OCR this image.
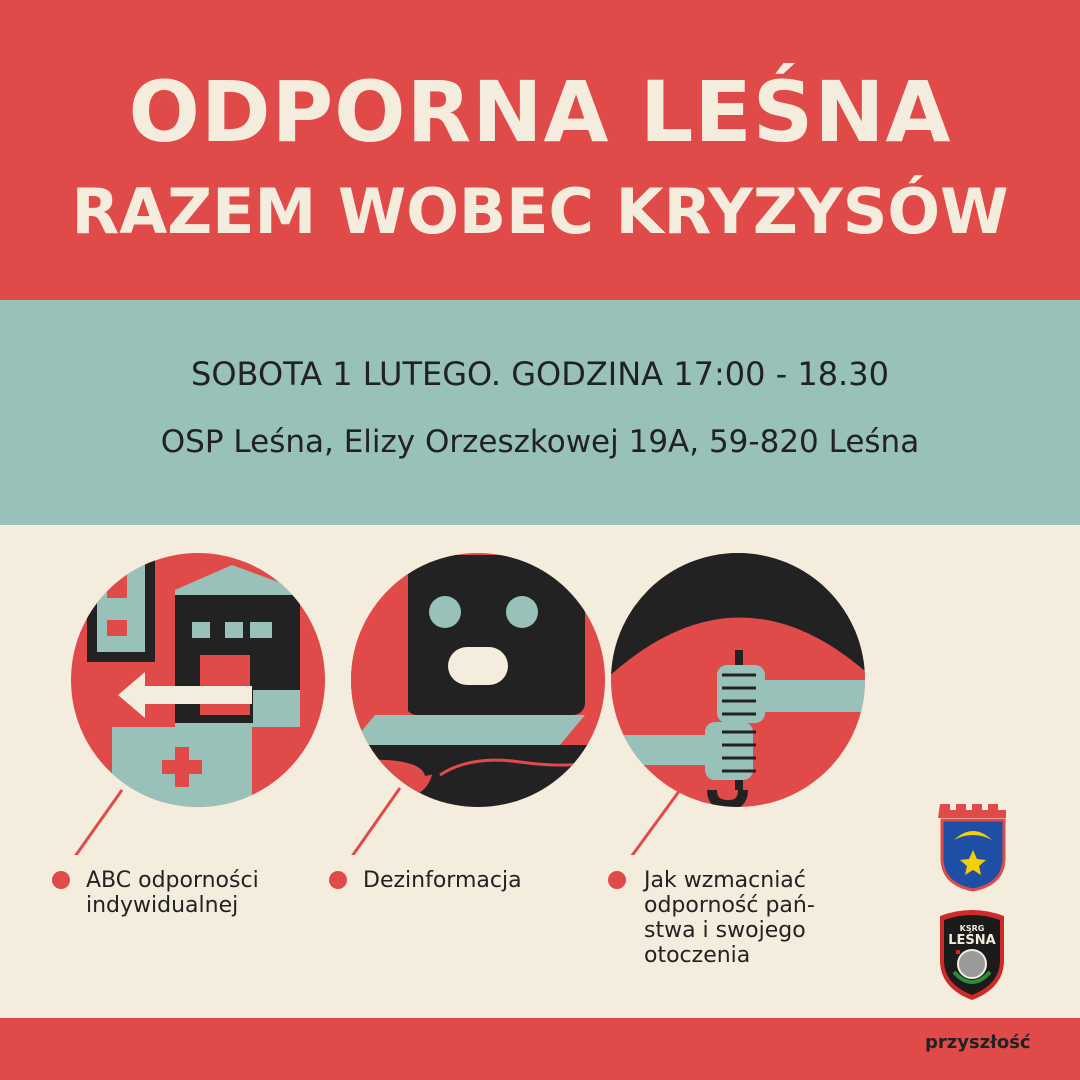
ODPORNA LEŚNA
RAZEM WOBEC KRYZYSÓW
SOBOTA 1 LUTEGO. GODZINA 17:00 - 18.30
OSP Leśna, Elizy Orzeszkowej 19A, 59-820 Leśna
ABC odporności
indywidualnej
Dezinformacja	Jak wzmacniać
odporność pań-
stwa i swojego
otoczenia
KSRG
LEŚNA
przyszłość
